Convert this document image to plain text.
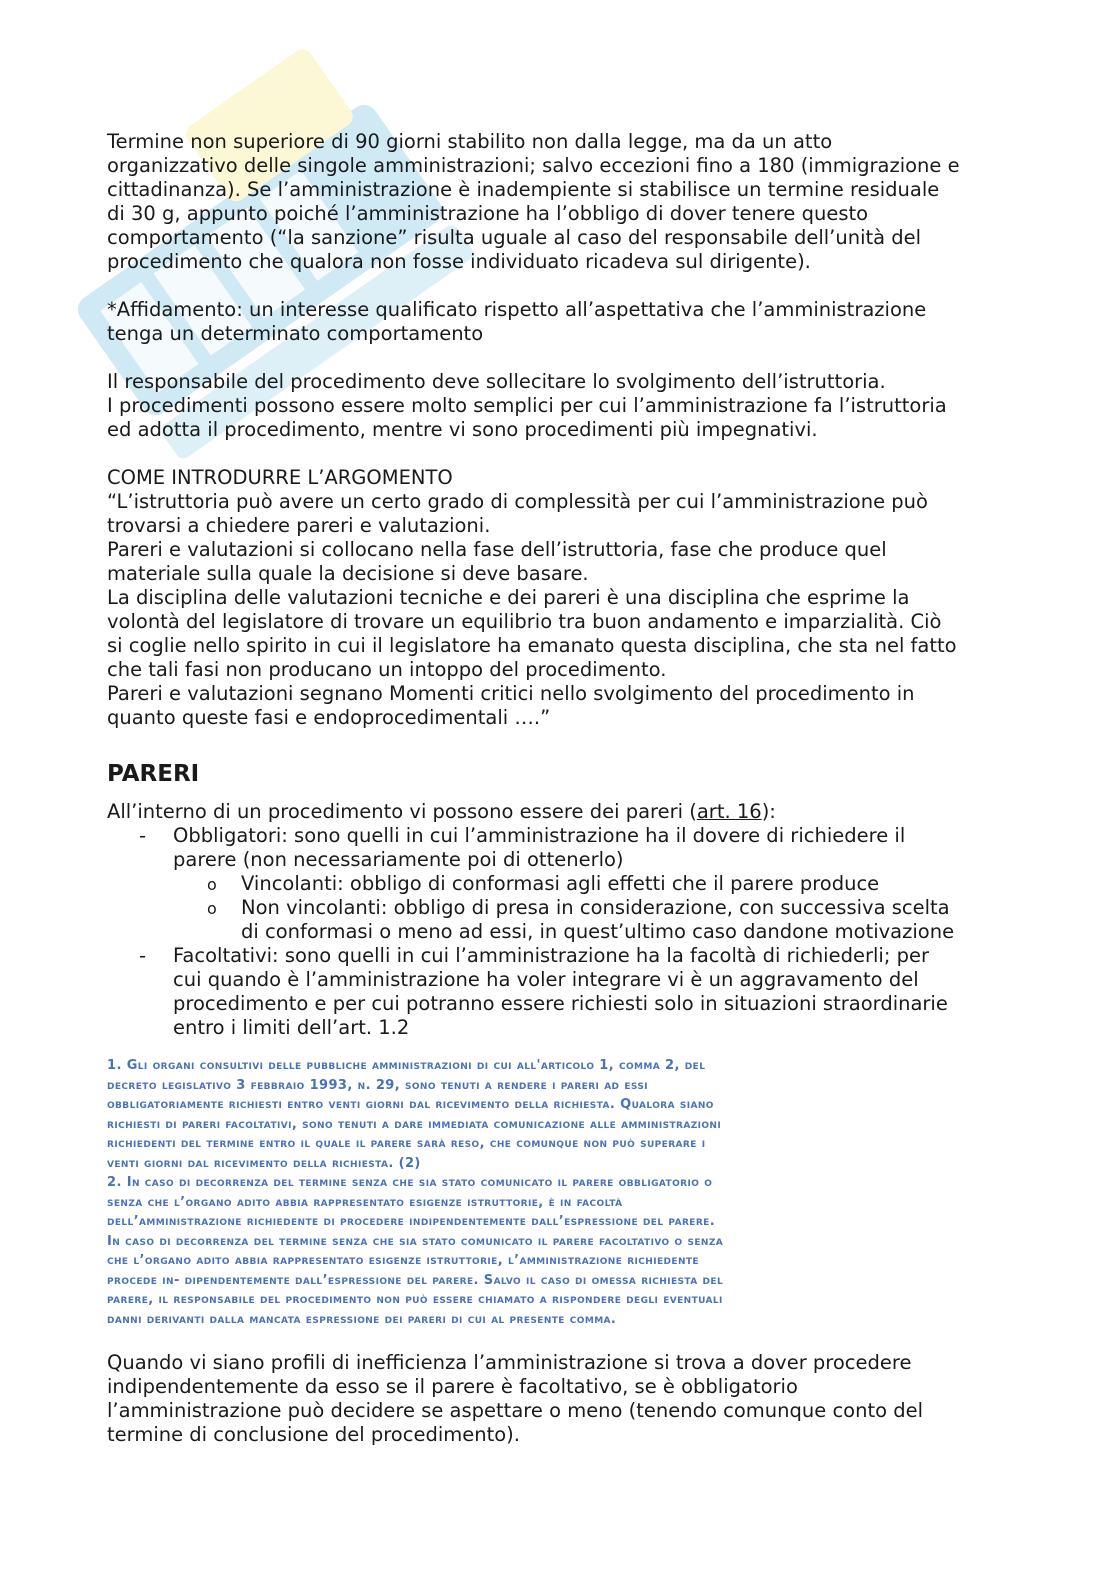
Termine non superiore di 90 giorni stabilito non dalla legge, ma da un atto
organizzativo delle singole amministrazioni; salvo eccezioni fino a 180 (immigrazione e
cittadinanza). Se l’amministrazione è inadempiente si stabilisce un termine residuale
di 30 g, appunto poiché l’amministrazione ha l’obbligo di dover tenere questo
comportamento (“la sanzione” risulta uguale al caso del responsabile dell’unità del
procedimento che qualora non fosse individuato ricadeva sul dirigente).
*Affidamento: un interesse qualificato rispetto all’aspettativa che l’amministrazione
tenga un determinato comportamento
Il responsabile del procedimento deve sollecitare lo svolgimento dell’istruttoria.
I procedimenti possono essere molto semplici per cui l’amministrazione fa l’istruttoria
ed adotta il procedimento, mentre vi sono procedimenti più impegnativi.
COME INTRODURRE L’ARGOMENTO
“L’istruttoria può avere un certo grado di complessità per cui l’amministrazione può
trovarsi a chiedere pareri e valutazioni.
Pareri e valutazioni si collocano nella fase dell’istruttoria, fase che produce quel
materiale sulla quale la decisione si deve basare.
La disciplina delle valutazioni tecniche e dei pareri è una disciplina che esprime la
volontà del legislatore di trovare un equilibrio tra buon andamento e imparzialità. Ciò
si coglie nello spirito in cui il legislatore ha emanato questa disciplina, che sta nel fatto
che tali fasi non producano un intoppo del procedimento.
Pareri e valutazioni segnano Momenti critici nello svolgimento del procedimento in
quanto queste fasi e endoprocedimentali ….”
PARERI
All’interno di un procedimento vi possono essere dei pareri (art. 16):
- Obbligatori: sono quelli in cui l’amministrazione ha il dovere di richiedere il
parere (non necessariamente poi di ottenerlo)
o Vincolanti: obbligo di conformasi agli effetti che il parere produce
o Non vincolanti: obbligo di presa in considerazione, con successiva scelta
di conformasi o meno ad essi, in quest’ultimo caso dandone motivazione
- Facoltativi: sono quelli in cui l’amministrazione ha la facoltà di richiederli; per
cui quando è l’amministrazione ha voler integrare vi è un aggravamento del
procedimento e per cui potranno essere richiesti solo in situazioni straordinarie
entro i limiti dell’art. 1.2
1. Gli organi consultivi delle pubbliche amministrazioni di cui all'articolo 1, comma 2, del
decreto legislativo 3 febbraio 1993, n. 29, sono tenuti a rendere i pareri ad essi
obbligatoriamente richiesti entro venti giorni dal ricevimento della richiesta. Qualora siano
richiesti di pareri facoltativi, sono tenuti a dare immediata comunicazione alle amministrazioni
richiedenti del termine entro il quale il parere sarà reso, che comunque non può superare i
venti giorni dal ricevimento della richiesta. (2)
2. In caso di decorrenza del termine senza che sia stato comunicato il parere obbligatorio o
senza che l’organo adito abbia rappresentato esigenze istruttorie, è in facoltà
dell’amministrazione richiedente di procedere indipendentemente dall’espressione del parere.
In caso di decorrenza del termine senza che sia stato comunicato il parere facoltativo o senza
che l’organo adito abbia rappresentato esigenze istruttorie, l’amministrazione richiedente
procede in- dipendentemente dall’espressione del parere. Salvo il caso di omessa richiesta del
parere, il responsabile del procedimento non può essere chiamato a rispondere degli eventuali
danni derivanti dalla mancata espressione dei pareri di cui al presente comma.
Quando vi siano profili di inefficienza l’amministrazione si trova a dover procedere
indipendentemente da esso se il parere è facoltativo, se è obbligatorio
l’amministrazione può decidere se aspettare o meno (tenendo comunque conto del
termine di conclusione del procedimento).
